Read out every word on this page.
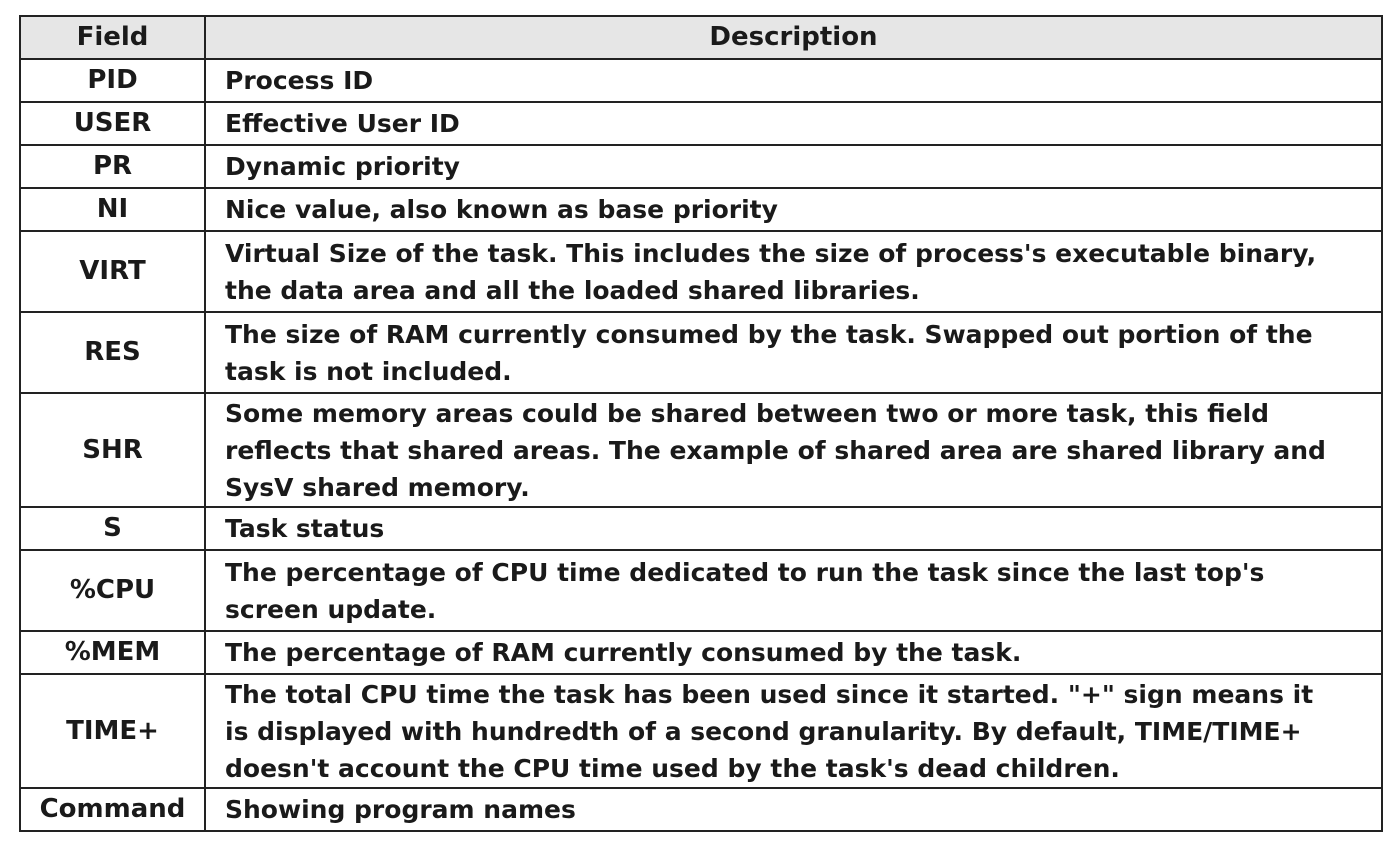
Field	Description
PID	Process ID
USER	Effective User ID
PR	Dynamic priority
NI	Nice value, also known as base priority
VIRT	Virtual Size of the task. This includes the size of process's executable binary,
the data area and all the loaded shared libraries.
RES	The size of RAM currently consumed by the task. Swapped out portion of the
task is not included.
SHR	Some memory areas could be shared between two or more task, this field
reflects that shared areas. The example of shared area are shared library and
SysV shared memory.
S	Task status
%CPU	The percentage of CPU time dedicated to run the task since the last top's
screen update.
%MEM	The percentage of RAM currently consumed by the task.
TIME+	The total CPU time the task has been used since it started. "+" sign means it
is displayed with hundredth of a second granularity. By default, TIME/TIME+
doesn't account the CPU time used by the task's dead children.
Command	Showing program names
